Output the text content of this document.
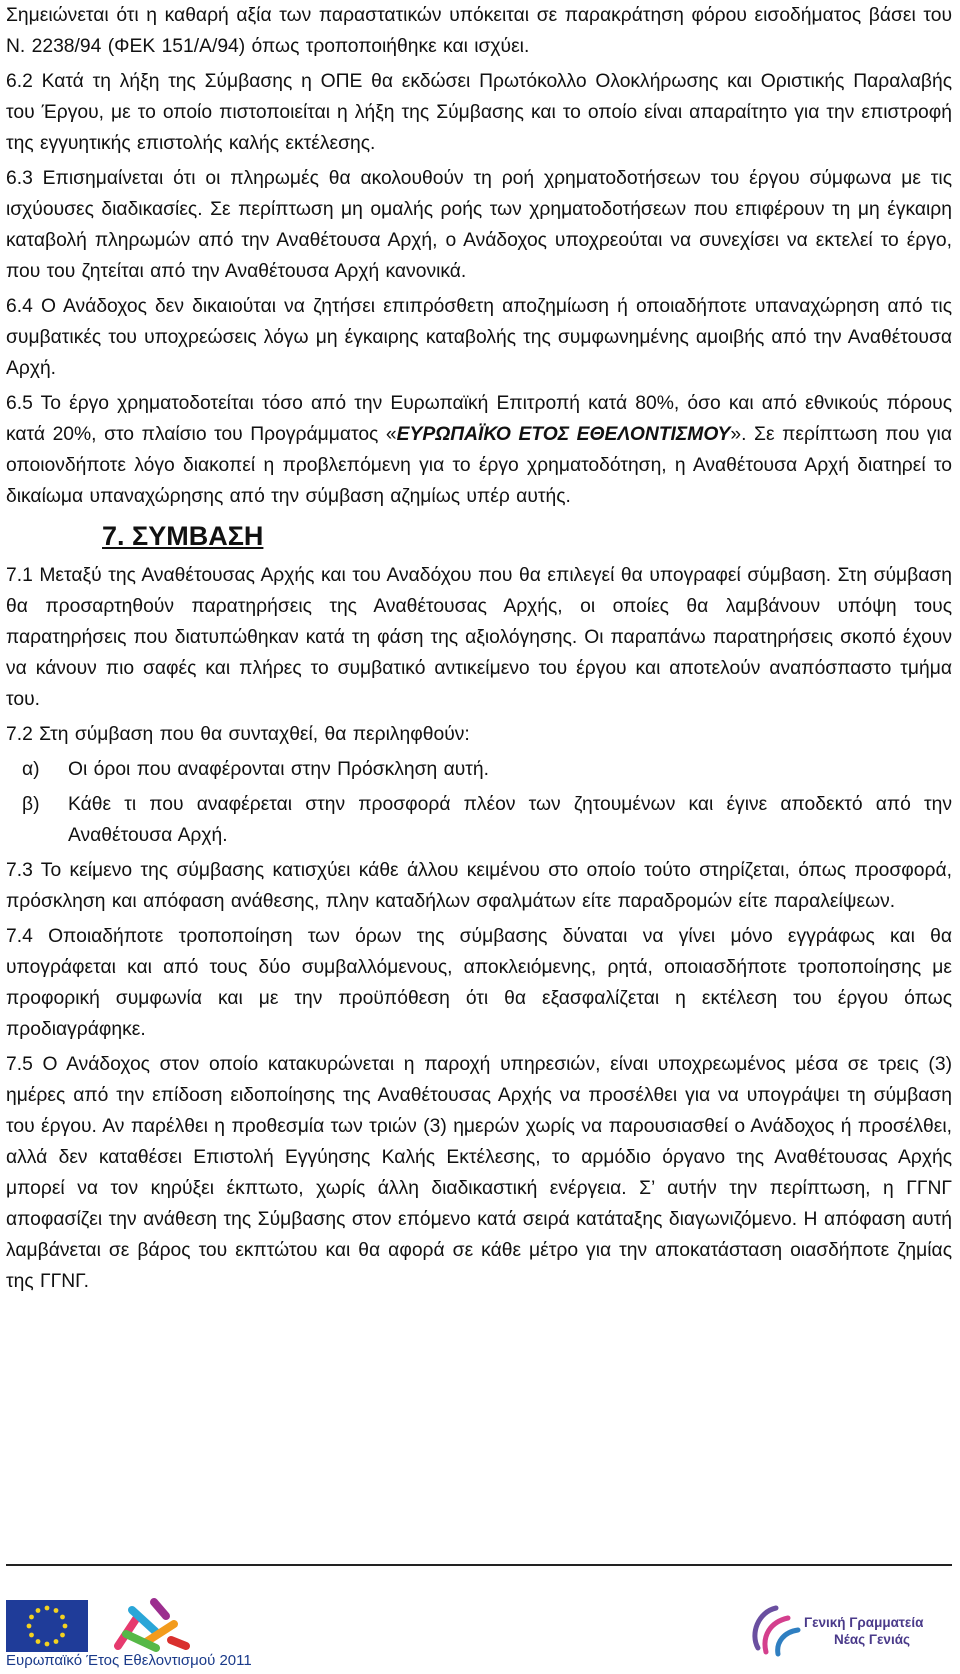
Σημειώνεται ότι η καθαρή αξία των παραστατικών υπόκειται σε παρακράτηση φόρου εισοδήματος βάσει του Ν. 2238/94 (ΦΕΚ 151/Α/94) όπως τροποποιήθηκε και ισχύει.

6.2 Κατά τη λήξη της Σύμβασης η ΟΠΕ θα εκδώσει Πρωτόκολλο Ολοκλήρωσης και Οριστικής Παραλαβής του Έργου, με το οποίο πιστοποιείται η λήξη της Σύμβασης και το οποίο είναι απαραίτητο για την επιστροφή της εγγυητικής επιστολής καλής εκτέλεσης.

6.3 Επισημαίνεται ότι οι πληρωμές θα ακολουθούν τη ροή χρηματοδοτήσεων του έργου σύμφωνα με τις ισχύουσες διαδικασίες. Σε περίπτωση μη ομαλής ροής των χρηματοδοτήσεων που επιφέρουν τη μη έγκαιρη καταβολή πληρωμών από την Αναθέτουσα Αρχή, ο Ανάδοχος υποχρεούται να συνεχίσει να εκτελεί το έργο, που του ζητείται από την Αναθέτουσα Αρχή κανονικά.

6.4 Ο Ανάδοχος δεν δικαιούται να ζητήσει επιπρόσθετη αποζημίωση ή οποιαδήποτε υπαναχώρηση από τις συμβατικές του υποχρεώσεις λόγω μη έγκαιρης καταβολής της συμφωνημένης αμοιβής από την Αναθέτουσα Αρχή.

6.5 Το έργο χρηματοδοτείται τόσο από την Ευρωπαϊκή Επιτροπή κατά 80%, όσο και από εθνικούς πόρους κατά 20%, στο πλαίσιο του Προγράμματος «ΕΥΡΩΠΑΪΚΟ ΕΤΟΣ ΕΘΕΛΟΝΤΙΣΜΟΥ». Σε περίπτωση που για οποιονδήποτε λόγο διακοπεί η προβλεπόμενη για το έργο χρηματοδότηση, η Αναθέτουσα Αρχή διατηρεί το δικαίωμα υπαναχώρησης από την σύμβαση αζημίως υπέρ αυτής.

7. ΣΥΜΒΑΣΗ

7.1 Μεταξύ της Αναθέτουσας Αρχής και του Αναδόχου που θα επιλεγεί θα υπογραφεί σύμβαση. Στη σύμβαση θα προσαρτηθούν παρατηρήσεις της Αναθέτουσας Αρχής, οι οποίες θα λαμβάνουν υπόψη τους παρατηρήσεις που διατυπώθηκαν κατά τη φάση της αξιολόγησης. Οι παραπάνω παρατηρήσεις σκοπό έχουν να κάνουν πιο σαφές και πλήρες το συμβατικό αντικείμενο του έργου και αποτελούν αναπόσπαστο τμήμα του.

7.2 Στη σύμβαση που θα συνταχθεί, θα περιληφθούν:

α)	Οι όροι που αναφέρονται στην Πρόσκληση αυτή.

β)	Κάθε τι που αναφέρεται στην προσφορά πλέον των ζητουμένων και έγινε αποδεκτό από την Αναθέτουσα Αρχή.

7.3 Το κείμενο της σύμβασης κατισχύει κάθε άλλου κειμένου στο οποίο τούτο στηρίζεται, όπως προσφορά, πρόσκληση και απόφαση ανάθεσης, πλην καταδήλων σφαλμάτων είτε παραδρομών είτε παραλείψεων.

7.4 Οποιαδήποτε τροποποίηση των όρων της σύμβασης δύναται να γίνει μόνο εγγράφως και θα υπογράφεται και από τους δύο συμβαλλόμενους, αποκλειόμενης, ρητά, οποιασδήποτε τροποποίησης με προφορική συμφωνία και με την προϋπόθεση ότι θα εξασφαλίζεται η εκτέλεση του έργου όπως προδιαγράφηκε.

7.5 Ο Ανάδοχος στον οποίο κατακυρώνεται η παροχή υπηρεσιών, είναι υποχρεωμένος μέσα σε τρεις (3) ημέρες από την επίδοση ειδοποίησης της Αναθέτουσας Αρχής να προσέλθει για να υπογράψει τη σύμβαση του έργου. Αν παρέλθει η προθεσμία των τριών (3) ημερών χωρίς να παρουσιασθεί ο Ανάδοχος ή προσέλθει, αλλά δεν καταθέσει Επιστολή Εγγύησης Καλής Εκτέλεσης, το αρμόδιο όργανο της Αναθέτουσας Αρχής μπορεί να τον κηρύξει έκπτωτο, χωρίς άλλη διαδικαστική ενέργεια. Σ’ αυτήν την περίπτωση, η ΓΓΝΓ αποφασίζει την ανάθεση της Σύμβασης στον επόμενο κατά σειρά κατάταξης διαγωνιζόμενο. Η απόφαση αυτή λαμβάνεται σε βάρος του εκπτώτου και θα αφορά σε κάθε μέτρο για την αποκατάσταση οιασδήποτε ζημίας της ΓΓΝΓ.

Ευρωπαϊκό Έτος Εθελοντισμού 2011
Γενική Γραμματεία
Νέας Γενιάς
